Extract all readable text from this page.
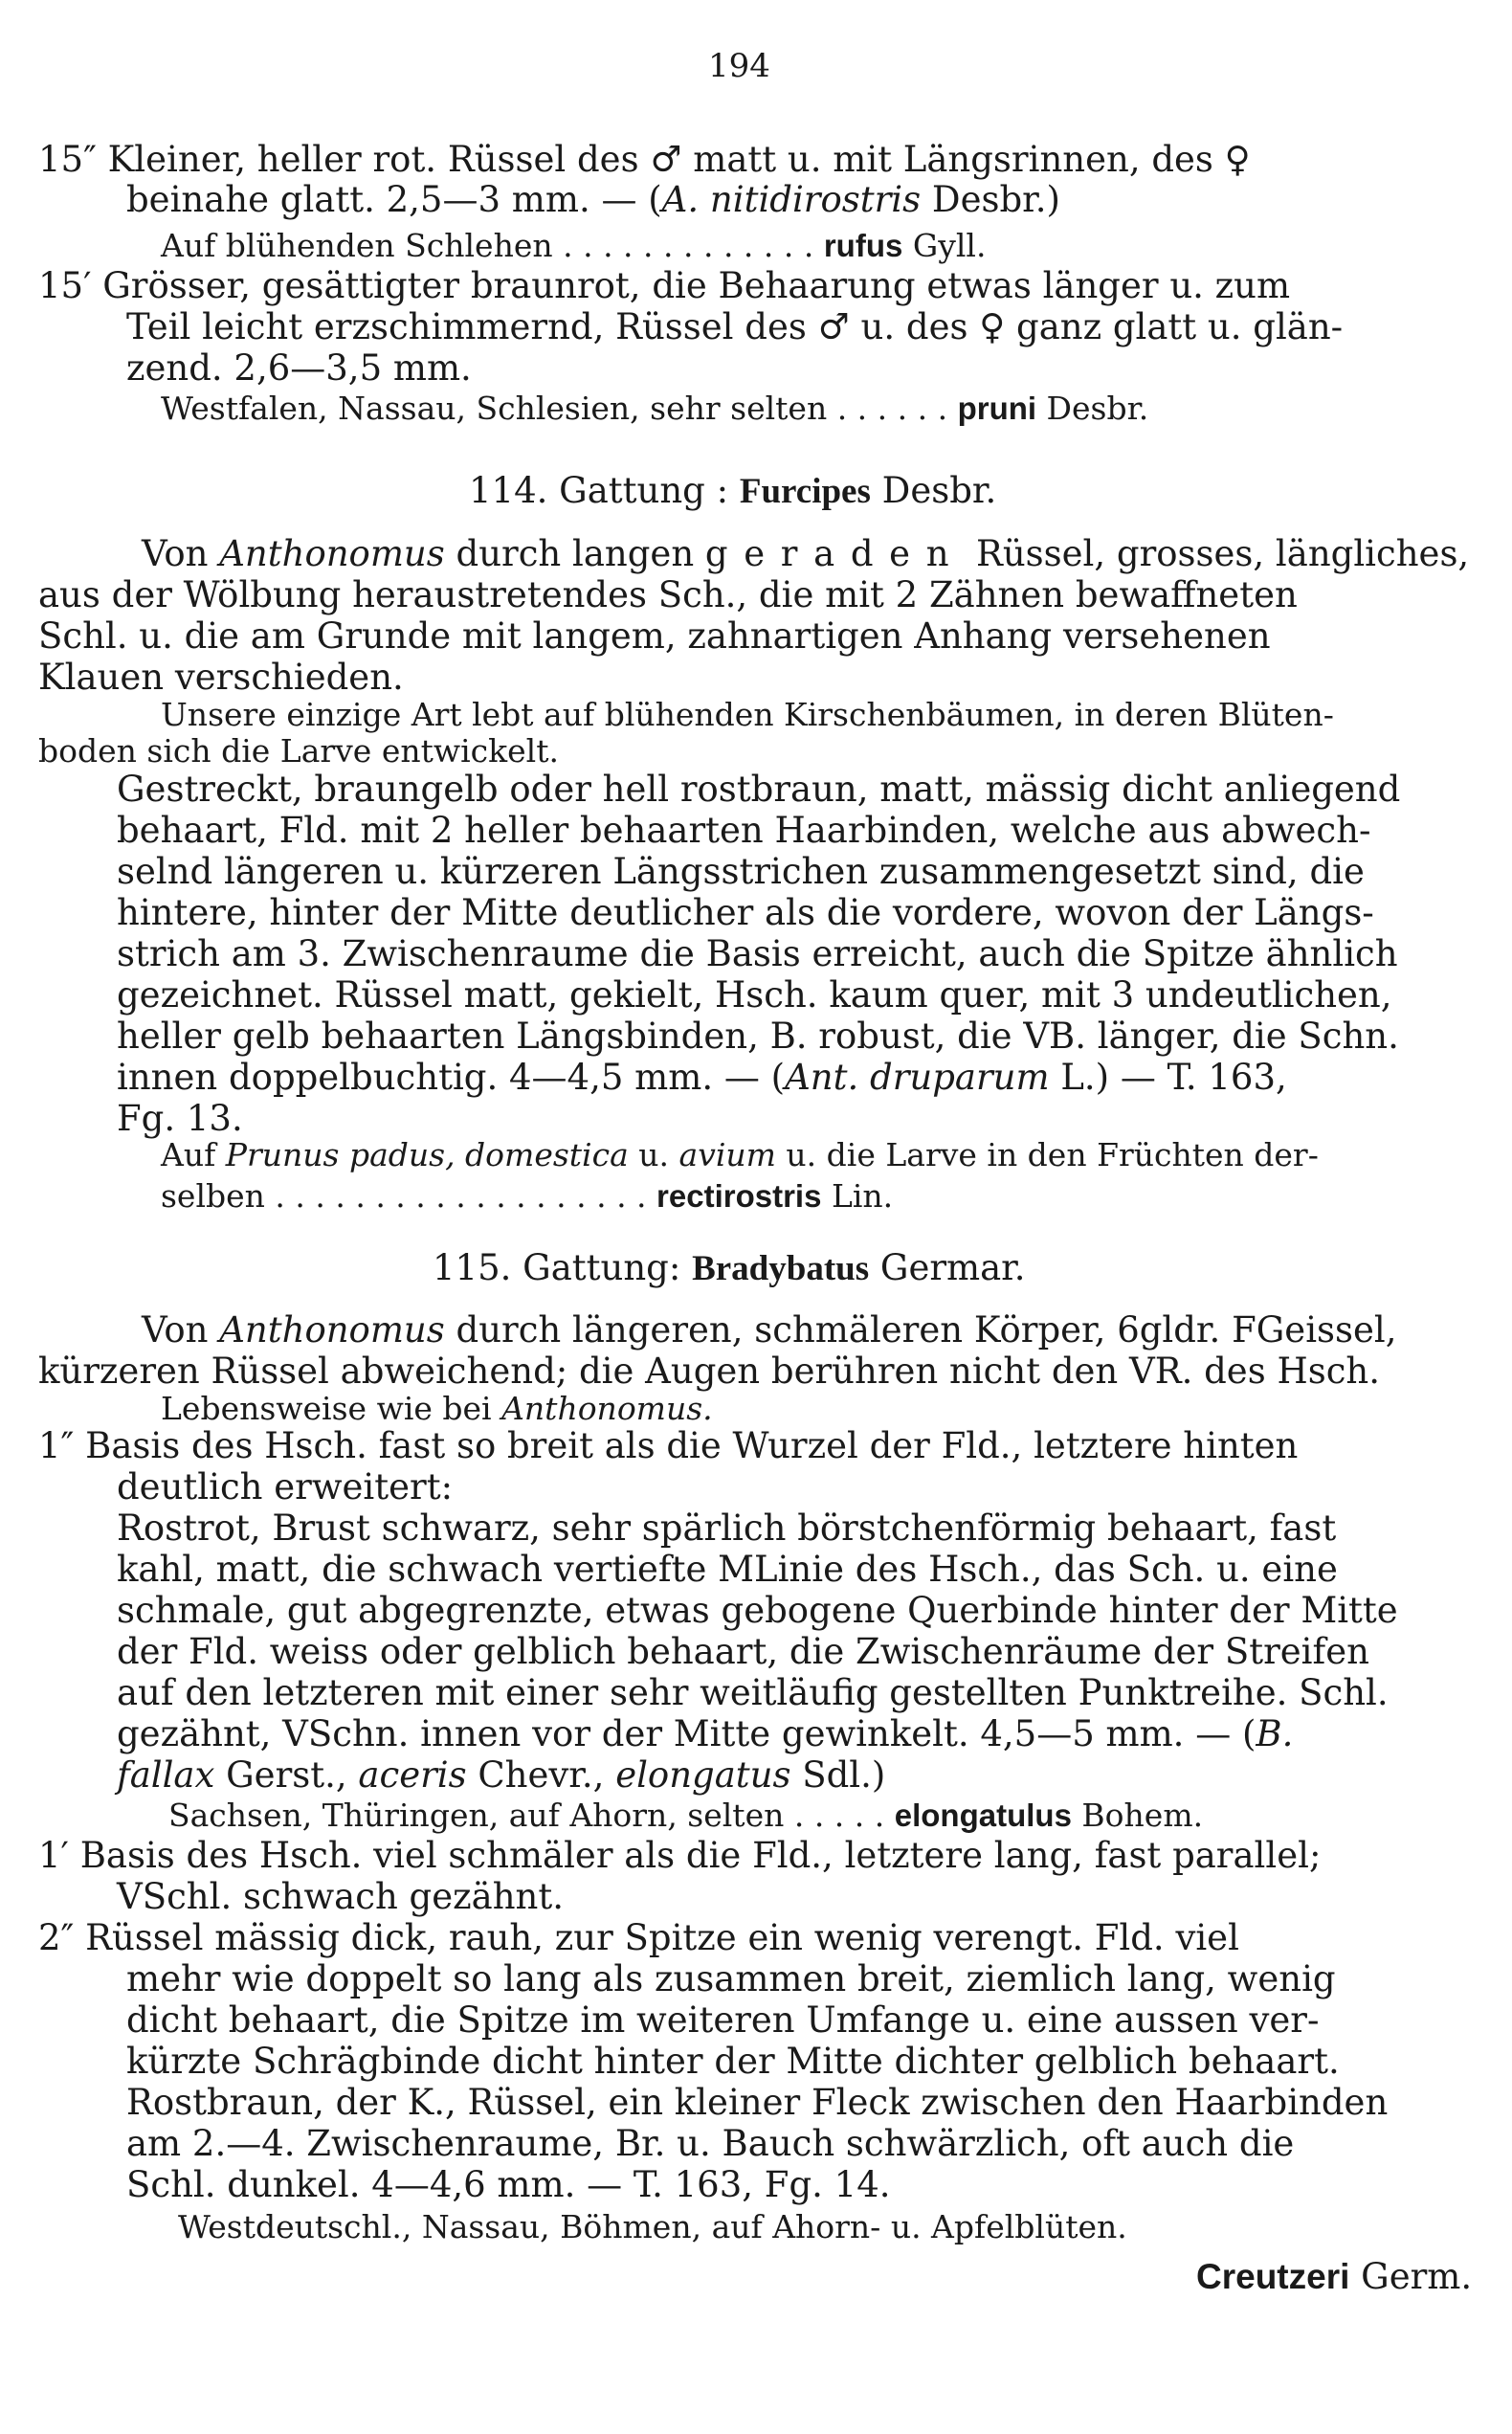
194
15″ Kleiner, heller rot. Rüssel des ♂ matt u. mit Längsrinnen, des ♀
beinahe glatt. 2,5—3 mm. — (A. nitidirostris Desbr.)
Auf blühenden Schlehen . . . . . . . . . . . . . rufus Gyll.
15′ Grösser, gesättigter braunrot, die Behaarung etwas länger u. zum
Teil leicht erzschimmernd, Rüssel des ♂ u. des ♀ ganz glatt u. glän-
zend. 2,6—3,5 mm.
Westfalen, Nassau, Schlesien, sehr selten . . . . . . pruni Desbr.
114. Gattung : Furcipes Desbr.
Von Anthonomus durch langen geraden Rüssel, grosses, längliches,
aus der Wölbung heraustretendes Sch., die mit 2 Zähnen bewaffneten
Schl. u. die am Grunde mit langem, zahnartigen Anhang versehenen
Klauen verschieden.
Unsere einzige Art lebt auf blühenden Kirschenbäumen, in deren Blüten-
boden sich die Larve entwickelt.
Gestreckt, braungelb oder hell rostbraun, matt, mässig dicht anliegend
behaart, Fld. mit 2 heller behaarten Haarbinden, welche aus abwech-
selnd längeren u. kürzeren Längsstrichen zusammengesetzt sind, die
hintere, hinter der Mitte deutlicher als die vordere, wovon der Längs-
strich am 3. Zwischenraume die Basis erreicht, auch die Spitze ähnlich
gezeichnet. Rüssel matt, gekielt, Hsch. kaum quer, mit 3 undeutlichen,
heller gelb behaarten Längsbinden, B. robust, die VB. länger, die Schn.
innen doppelbuchtig. 4—4,5 mm. — (Ant. druparum L.) — T. 163,
Fg. 13.
Auf Prunus padus, domestica u. avium u. die Larve in den Früchten der-
selben . . . . . . . . . . . . . . . . . . . rectirostris Lin.
115. Gattung: Bradybatus Germar.
Von Anthonomus durch längeren, schmäleren Körper, 6gldr. FGeissel,
kürzeren Rüssel abweichend; die Augen berühren nicht den VR. des Hsch.
Lebensweise wie bei Anthonomus.
1″ Basis des Hsch. fast so breit als die Wurzel der Fld., letztere hinten
deutlich erweitert:
Rostrot, Brust schwarz, sehr spärlich börstchenförmig behaart, fast
kahl, matt, die schwach vertiefte MLinie des Hsch., das Sch. u. eine
schmale, gut abgegrenzte, etwas gebogene Querbinde hinter der Mitte
der Fld. weiss oder gelblich behaart, die Zwischenräume der Streifen
auf den letzteren mit einer sehr weitläufig gestellten Punktreihe. Schl.
gezähnt, VSchn. innen vor der Mitte gewinkelt. 4,5—5 mm. — (B.
fallax Gerst., aceris Chevr., elongatus Sdl.)
Sachsen, Thüringen, auf Ahorn, selten . . . . . elongatulus Bohem.
1′ Basis des Hsch. viel schmäler als die Fld., letztere lang, fast parallel;
VSchl. schwach gezähnt.
2″ Rüssel mässig dick, rauh, zur Spitze ein wenig verengt. Fld. viel
mehr wie doppelt so lang als zusammen breit, ziemlich lang, wenig
dicht behaart, die Spitze im weiteren Umfange u. eine aussen ver-
kürzte Schrägbinde dicht hinter der Mitte dichter gelblich behaart.
Rostbraun, der K., Rüssel, ein kleiner Fleck zwischen den Haarbinden
am 2.—4. Zwischenraume, Br. u. Bauch schwärzlich, oft auch die
Schl. dunkel. 4—4,6 mm. — T. 163, Fg. 14.
Westdeutschl., Nassau, Böhmen, auf Ahorn- u. Apfelblüten.
Creutzeri Germ.
